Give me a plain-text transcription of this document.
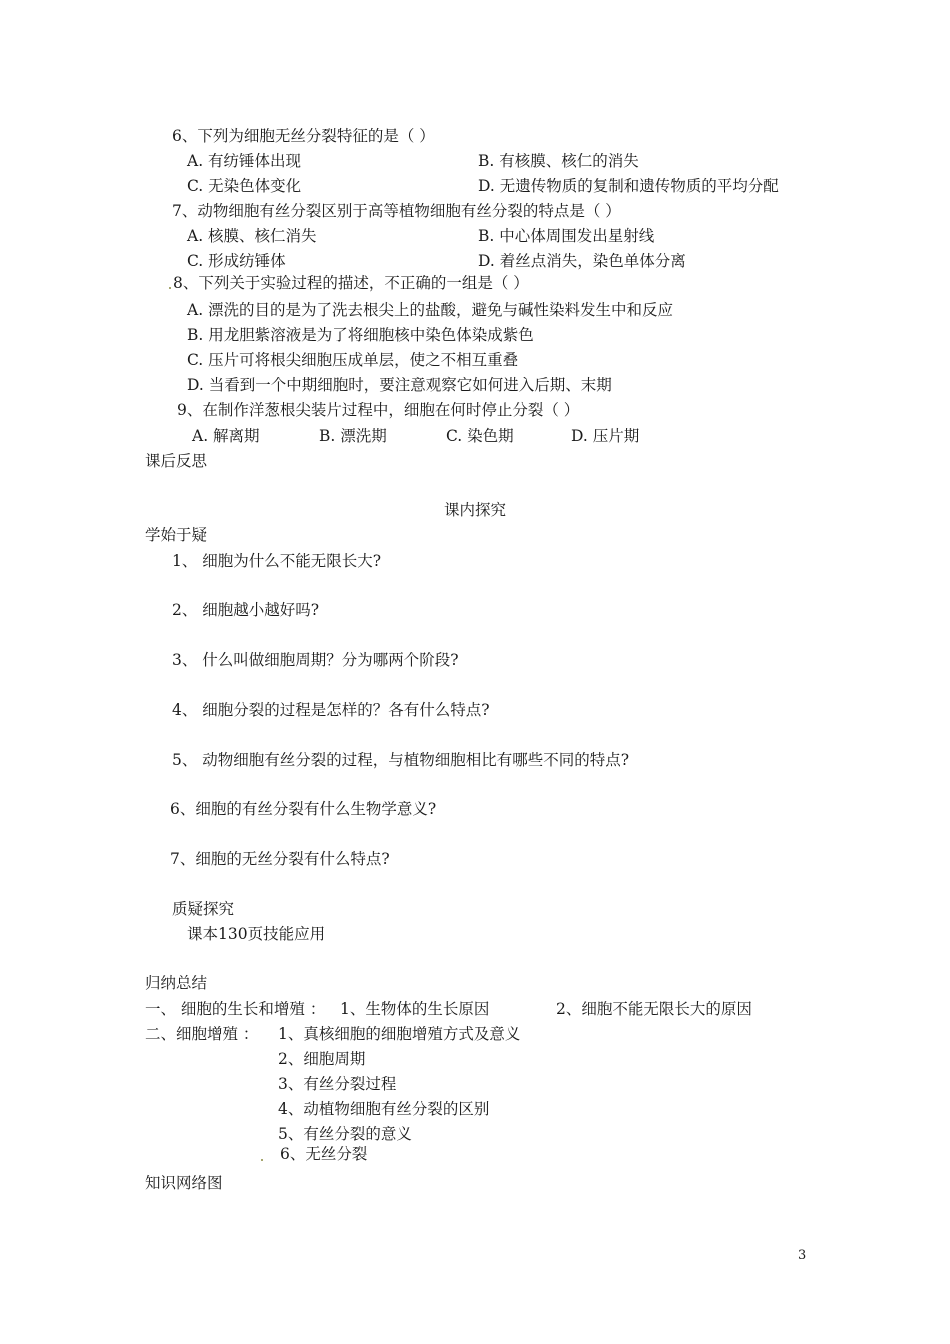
6、下列为细胞无丝分裂特征的是（ ）
A. 有纺锤体出现	B. 有核膜、核仁的消失
C. 无染色体变化	D. 无遗传物质的复制和遗传物质的平均分配
7、动物细胞有丝分裂区别于高等植物细胞有丝分裂的特点是（ ）
A. 核膜、核仁消失	B. 中心体周围发出星射线
C. 形成纺锤体	D. 着丝点消失，染色单体分离
8、下列关于实验过程的描述，不正确的一组是（ ）
A. 漂洗的目的是为了洗去根尖上的盐酸，避免与碱性染料发生中和反应
B. 用龙胆紫溶液是为了将细胞核中染色体染成紫色
C. 压片可将根尖细胞压成单层，使之不相互重叠
D. 当看到一个中期细胞时，要注意观察它如何进入后期、末期
9、在制作洋葱根尖装片过程中，细胞在何时停止分裂（ ）
A. 解离期	B. 漂洗期	C. 染色期	D. 压片期
课后反思
课内探究
学始于疑
1、 细胞为什么不能无限长大?
2、 细胞越小越好吗?
3、 什么叫做细胞周期？分为哪两个阶段?
4、 细胞分裂的过程是怎样的？各有什么特点?
5、 动物细胞有丝分裂的过程，与植物细胞相比有哪些不同的特点?
6、细胞的有丝分裂有什么生物学意义?
7、细胞的无丝分裂有什么特点?
质疑探究
课本130页技能应用
归纳总结
一、 细胞的生长和增殖 ： 1、生物体的生长原因	2、细胞不能无限长大的原因
二、细胞增殖 ： 1、真核细胞的细胞增殖方式及意义
2、细胞周期
3、有丝分裂过程
4、动植物细胞有丝分裂的区别
5、有丝分裂的意义
6、无丝分裂
知识网络图
3
